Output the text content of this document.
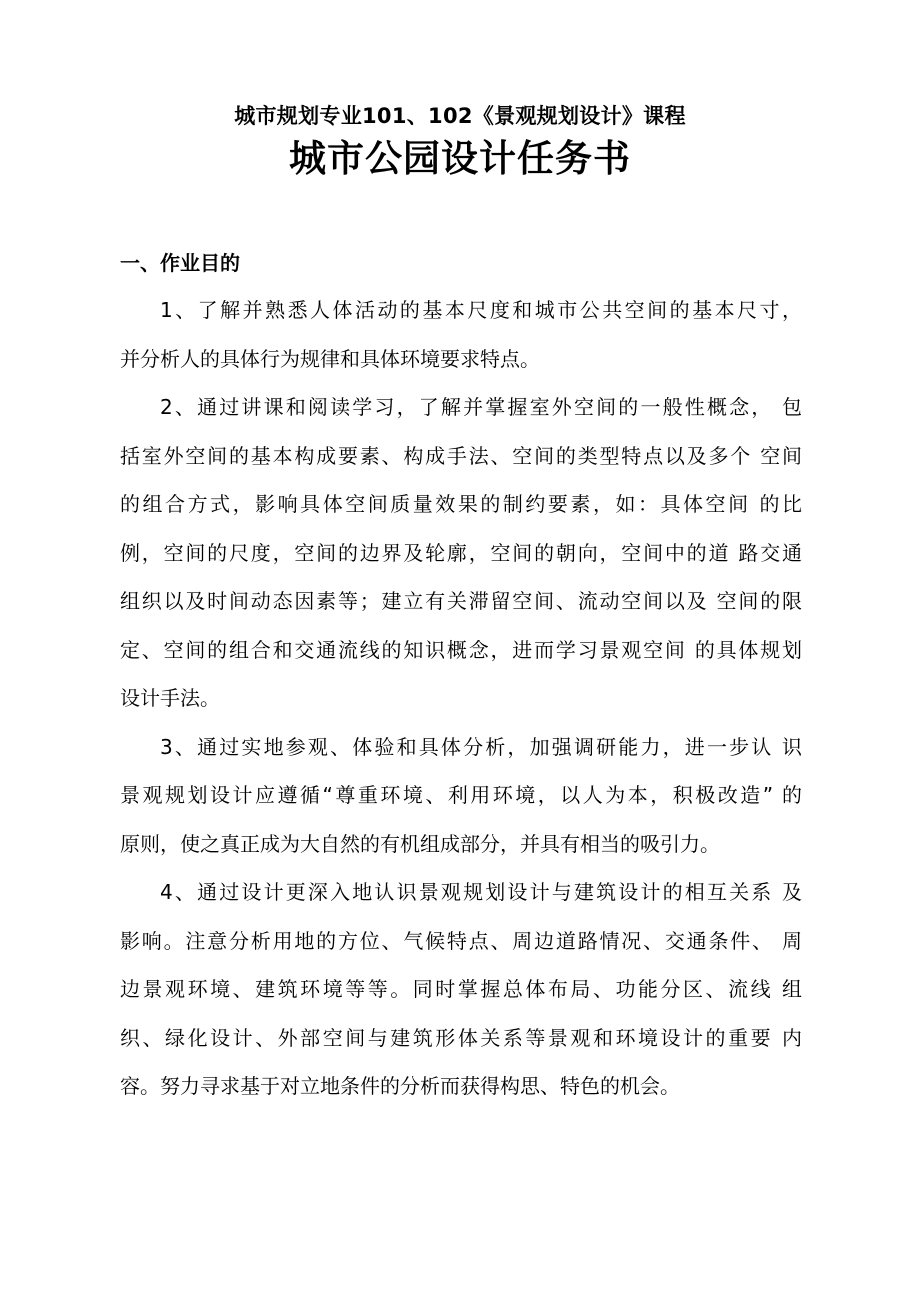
城市规划专业101、102《景观规划设计》课程
城市公园设计任务书
一、作业目的
1、了解并熟悉人体活动的基本尺度和城市公共空间的基本尺寸，
并分析人的具体行为规律和具体环境要求特点。
2、通过讲课和阅读学习，了解并掌握室外空间的一般性概念， 包
括室外空间的基本构成要素、构成手法、空间的类型特点以及多个 空间
的组合方式，影响具体空间质量效果的制约要素，如：具体空间 的比
例，空间的尺度，空间的边界及轮廓，空间的朝向，空间中的道 路交通
组织以及时间动态因素等；建立有关滞留空间、流动空间以及 空间的限
定、空间的组合和交通流线的知识概念，进而学习景观空间 的具体规划
设计手法。
3、通过实地参观、体验和具体分析，加强调研能力，进一步认 识
景观规划设计应遵循“尊重环境、利用环境，以人为本，积极改造” 的
原则，使之真正成为大自然的有机组成部分，并具有相当的吸引力。
4、通过设计更深入地认识景观规划设计与建筑设计的相互关系 及
影响。注意分析用地的方位、气候特点、周边道路情况、交通条件、 周
边景观环境、建筑环境等等。同时掌握总体布局、功能分区、流线 组
织、绿化设计、外部空间与建筑形体关系等景观和环境设计的重要 内
容。努力寻求基于对立地条件的分析而获得构思、特色的机会。
